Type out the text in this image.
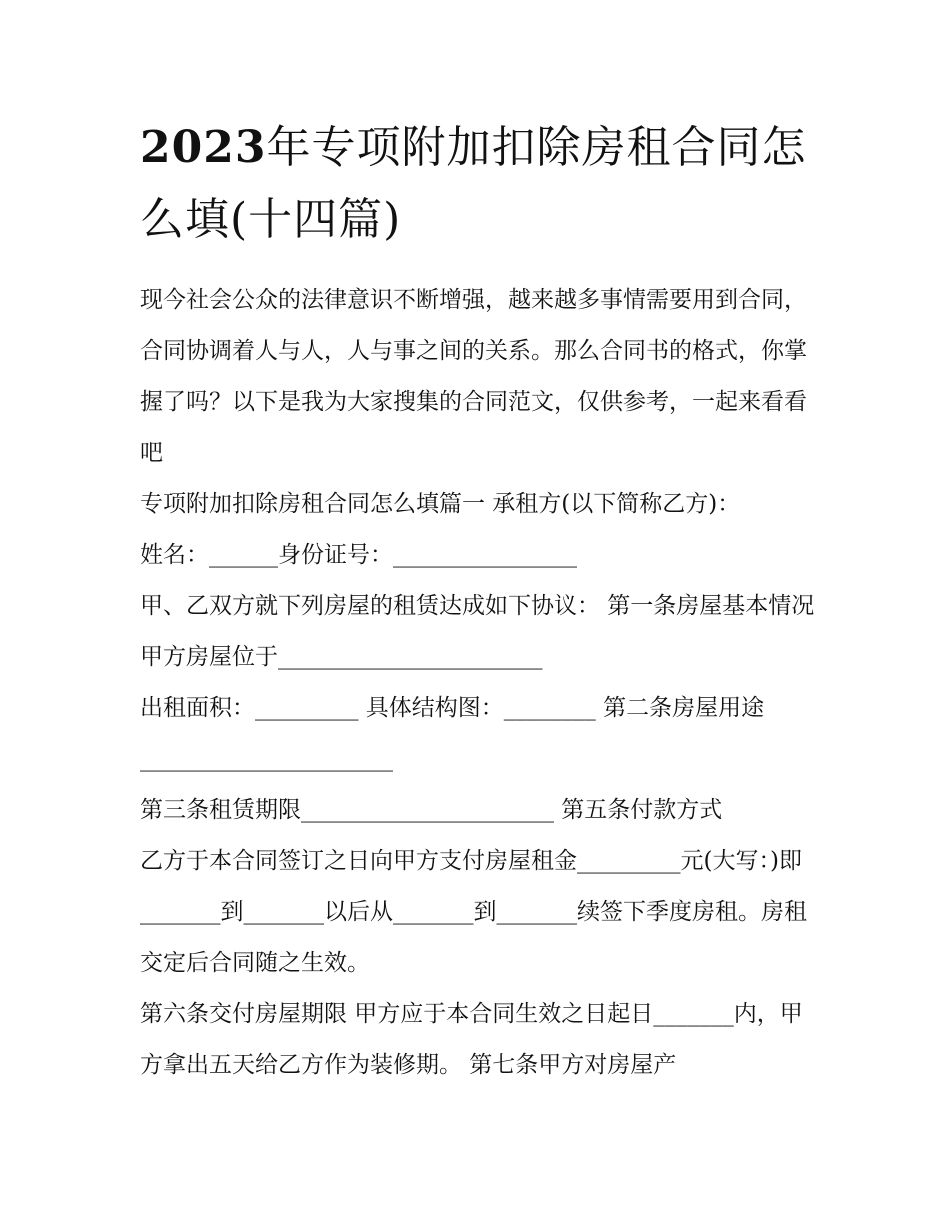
2023年专项附加扣除房租合同怎么填(十四篇)

现今社会公众的法律意识不断增强，越来越多事情需要用到合同，合同协调着人与人，人与事之间的关系。那么合同书的格式，你掌握了吗？以下是我为大家搜集的合同范文，仅供参考，一起来看看吧

专项附加扣除房租合同怎么填篇一 承租方(以下简称乙方)：

姓名：______身份证号：________________

甲、乙双方就下列房屋的租赁达成如下协议： 第一条房屋基本情况 甲方房屋位于_______________________

出租面积：_________ 具体结构图：________ 第二条房屋用途______________________

第三条租赁期限______________________ 第五条付款方式

乙方于本合同签订之日向甲方支付房屋租金_________元(大写：)即_______到_______以后从_______到_______续签下季度房租。房租交定后合同随之生效。

第六条交付房屋期限 甲方应于本合同生效之日起日_______内，甲方拿出五天给乙方作为装修期。 第七条甲方对房屋产
